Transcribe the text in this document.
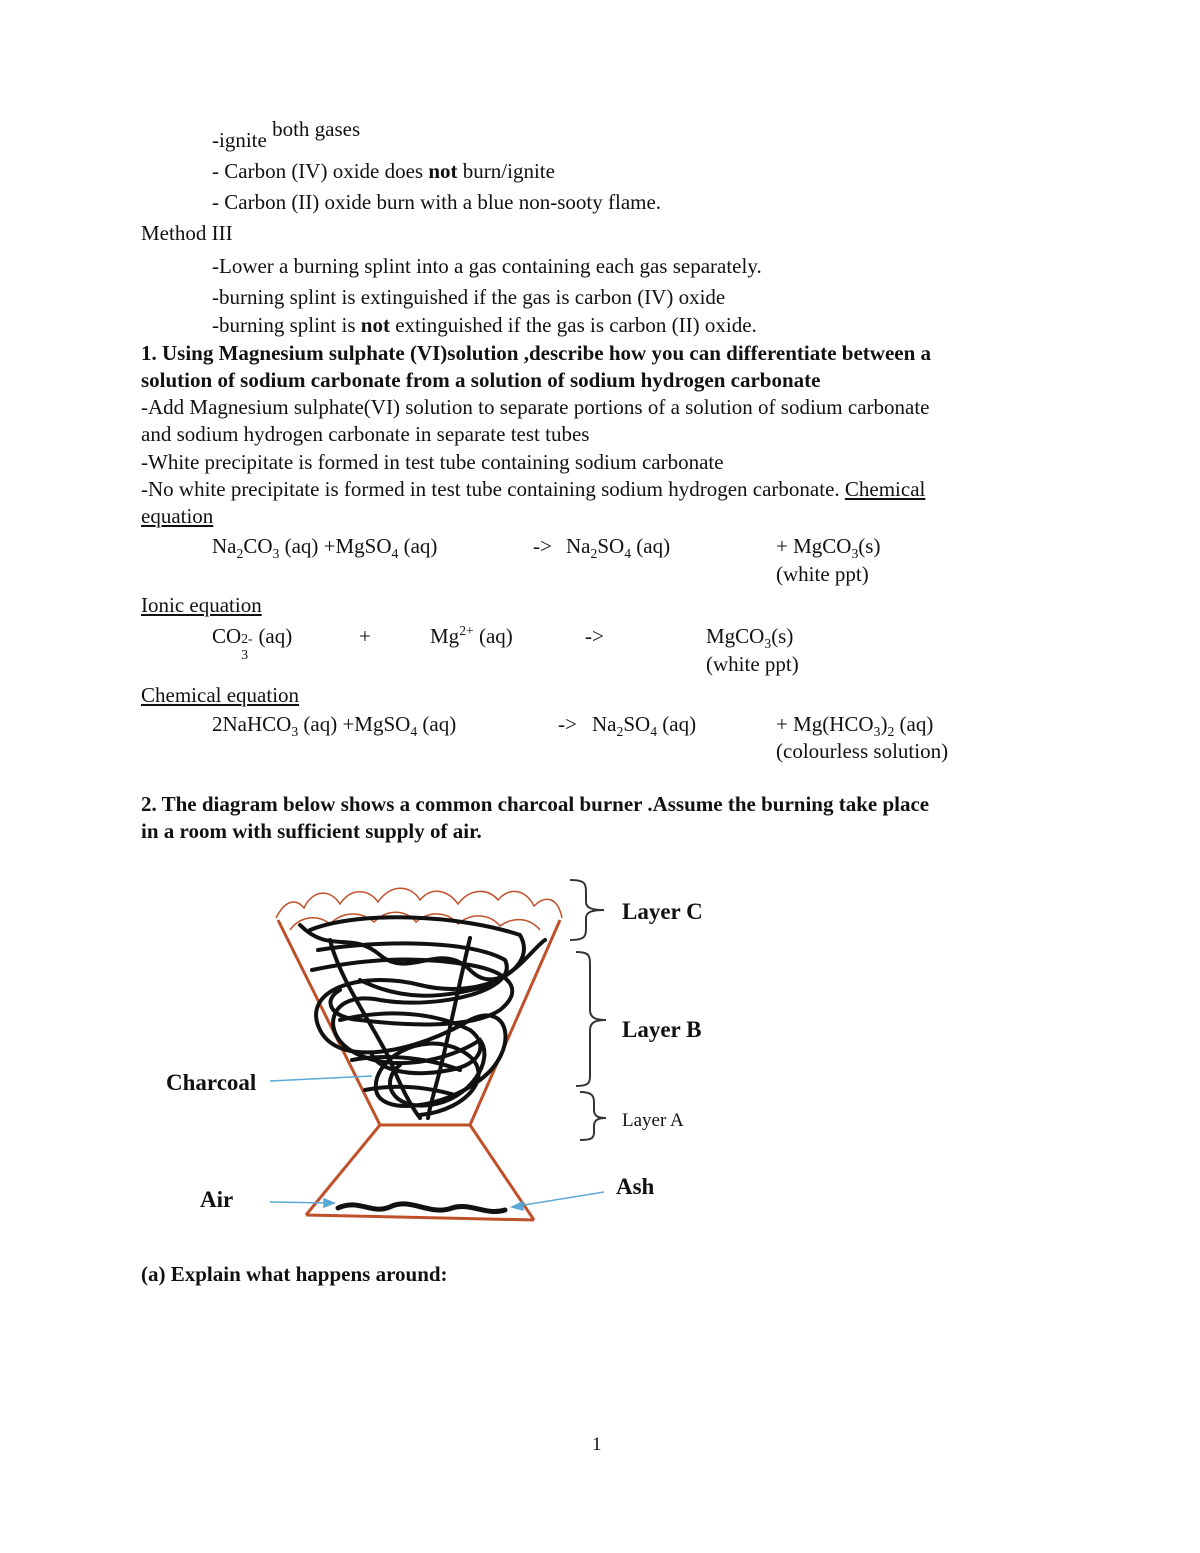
-ignite both gases
- Carbon (IV) oxide does not burn/ignite
- Carbon (II) oxide burn with a blue non-sooty flame.
Method III
-Lower a burning splint into a gas containing each gas separately.
-burning splint is extinguished if the gas is carbon (IV) oxide
-burning splint is not extinguished if the gas is carbon (II) oxide.
1. Using Magnesium sulphate (VI)solution ,describe how you can differentiate between a
solution of sodium carbonate from a solution of sodium hydrogen carbonate
-Add Magnesium sulphate(VI) solution to separate portions of a solution of sodium carbonate
and sodium hydrogen carbonate in separate test tubes
-White precipitate is formed in test tube containing sodium carbonate
-No white precipitate is formed in test tube containing sodium hydrogen carbonate. Chemical
equation
$Na_2CO_3$ (aq) +MgSO$_4$ (aq)	-> $Na_2SO_4$ (aq)	+ MgCO$_3$(s)
(white ppt)
Ionic equation
CO 2-
3
(aq)	+	$Mg^{2+}$ (aq)	->	MgCO$_3$(s)
(white ppt)
Chemical equation
2NaHCO$_3$ (aq) +MgSO$_4$ (aq)	-> $Na_2SO_4$ (aq)	+ $Mg(HCO_3)_2$ (aq)
(colourless solution)
2. The diagram below shows a common charcoal burner .Assume the burning take place
in a room with sufficient supply of air.
Layer C
Layer B
Layer A
Charcoal
Air
Ash
(a) Explain what happens around:
1
